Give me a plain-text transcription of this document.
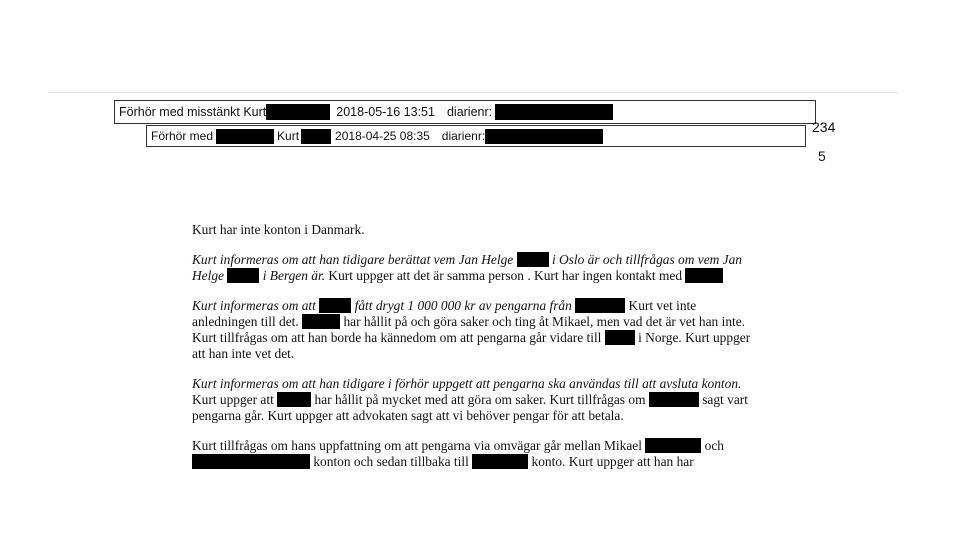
Förhör med misstänkt Kurt	2018-05-16 13:51 diarienr:
234
Förhör med	Kurt	2018-04-25 08:35 diarienr:
5

Kurt har inte konton i Danmark.

Kurt informeras om att han tidigare berättat vem Jan Helge	i Oslo är och tillfrågas om vem Jan Helge	i Bergen är. Kurt uppger att det är samma person . Kurt har ingen kontakt med

Kurt informeras om att	fått drygt 1 000 000 kr av pengarna från	Kurt vet inte anledningen till det.	har hållit på och göra saker och ting åt Mikael, men vad det är vet han inte. Kurt tillfrågas om att han borde ha kännedom om att pengarna går vidare till  i Norge. Kurt uppger att han inte vet det.

Kurt informeras om att han tidigare i förhör uppgett att pengarna ska användas till att avsluta konton. Kurt uppger att	har hållit på mycket med att göra om saker. Kurt tillfrågas om	sagt vart pengarna går. Kurt uppger att advokaten sagt att vi behöver pengar för att betala.

Kurt tillfrågas om hans uppfattning om att pengarna via omvägar går mellan Mikael	och  konton och sedan tillbaka till	konto. Kurt uppger att han har
